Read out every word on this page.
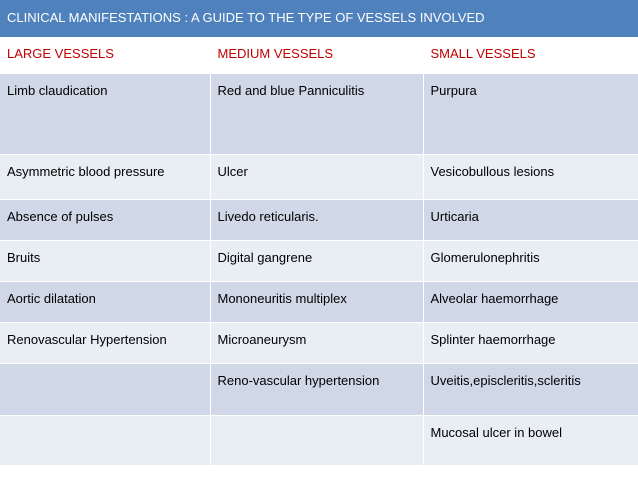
CLINICAL MANIFESTATIONS : A GUIDE TO THE TYPE OF VESSELS INVOLVED		
LARGE VESSELS	MEDIUM VESSELS	SMALL VESSELS
Limb claudication	Red and blue Panniculitis	Purpura
Asymmetric blood pressure	Ulcer	Vesicobullous lesions
Absence of pulses	Livedo reticularis.	Urticaria
Bruits	Digital gangrene	Glomerulonephritis
Aortic dilatation	Mononeuritis multiplex	Alveolar haemorrhage
Renovascular Hypertension	Microaneurysm	Splinter haemorrhage
	Reno-vascular hypertension	Uveitis,episcleritis,scleritis
		Mucosal ulcer in bowel
